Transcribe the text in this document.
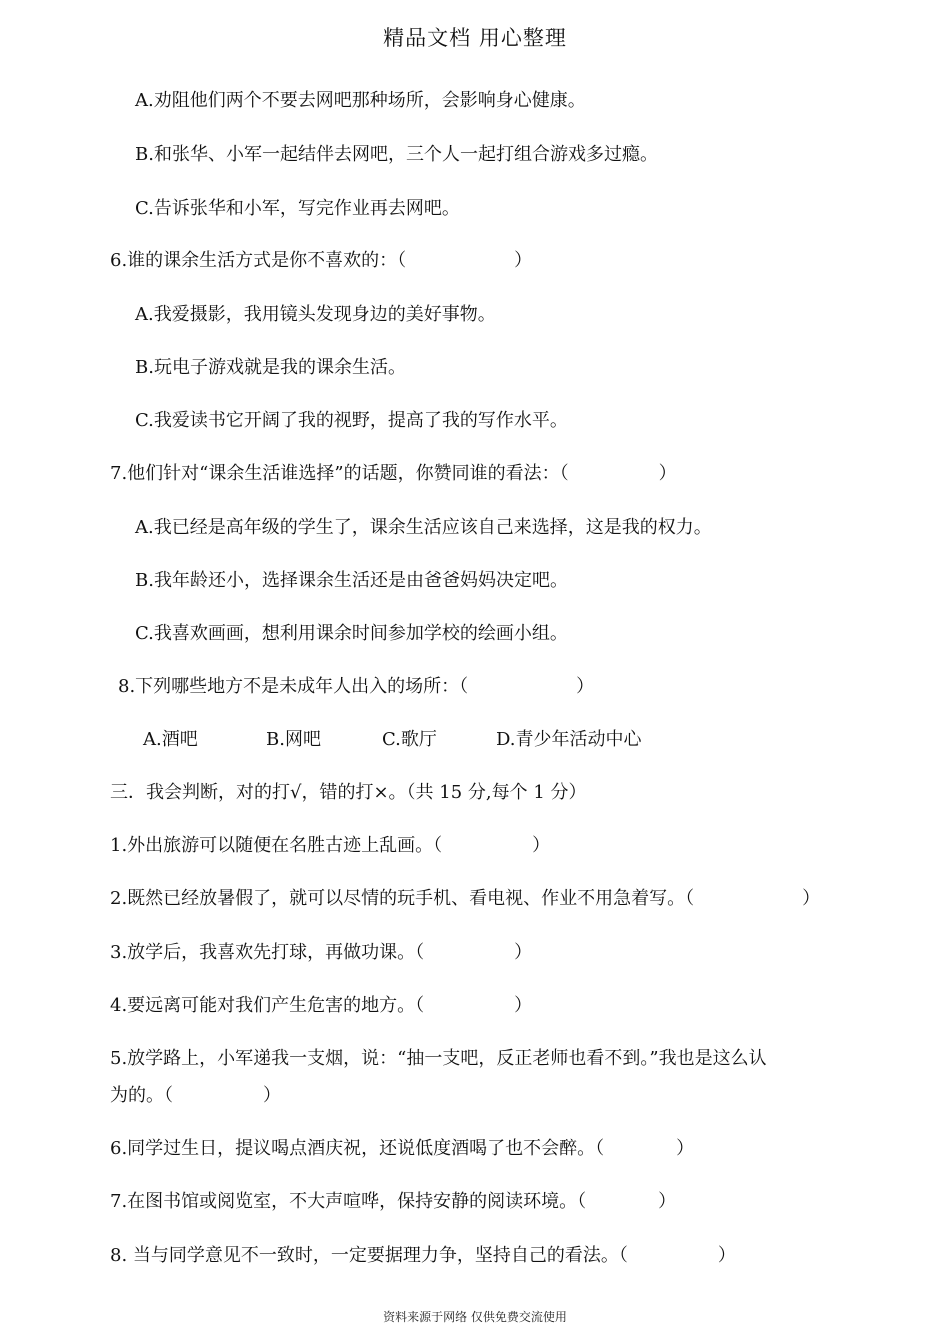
精品文档 用心整理
A.劝阻他们两个不要去网吧那种场所，会影响身心健康。
B.和张华、小军一起结伴去网吧，三个人一起打组合游戏多过瘾。
C.告诉张华和小军，写完作业再去网吧。
6.谁的课余生活方式是你不喜欢的：（　　　　　　）
A.我爱摄影，我用镜头发现身边的美好事物。
B.玩电子游戏就是我的课余生活。
C.我爱读书它开阔了我的视野，提高了我的写作水平。
7.他们针对“课余生活谁选择”的话题，你赞同谁的看法：（　　　　　）
A.我已经是高年级的学生了，课余生活应该自己来选择，这是我的权力。
B.我年龄还小，选择课余生活还是由爸爸妈妈决定吧。
C.我喜欢画画，想利用课余时间参加学校的绘画小组。
8.下列哪些地方不是未成年人出入的场所：（　　　　　　）
A.酒吧	B.网吧	C.歌厅	D.青少年活动中心
三．我会判断，对的打√，错的打×。（共 15 分,每个 1 分）
1.外出旅游可以随便在名胜古迹上乱画。（　　　　　）
2.既然已经放暑假了，就可以尽情的玩手机、看电视、作业不用急着写。（　　　　　　）
3.放学后，我喜欢先打球，再做功课。（　　　　　）
4.要远离可能对我们产生危害的地方。（　　　　　）
5.放学路上，小军递我一支烟，说：“抽一支吧，反正老师也看不到。”我也是这么认
为的。（　　　　　）
6.同学过生日，提议喝点酒庆祝，还说低度酒喝了也不会醉。（　　　　）
7.在图书馆或阅览室，不大声喧哗，保持安静的阅读环境。（　　　　）
8. 当与同学意见不一致时，一定要据理力争，坚持自己的看法。（　　　　　）
资料来源于网络 仅供免费交流使用
